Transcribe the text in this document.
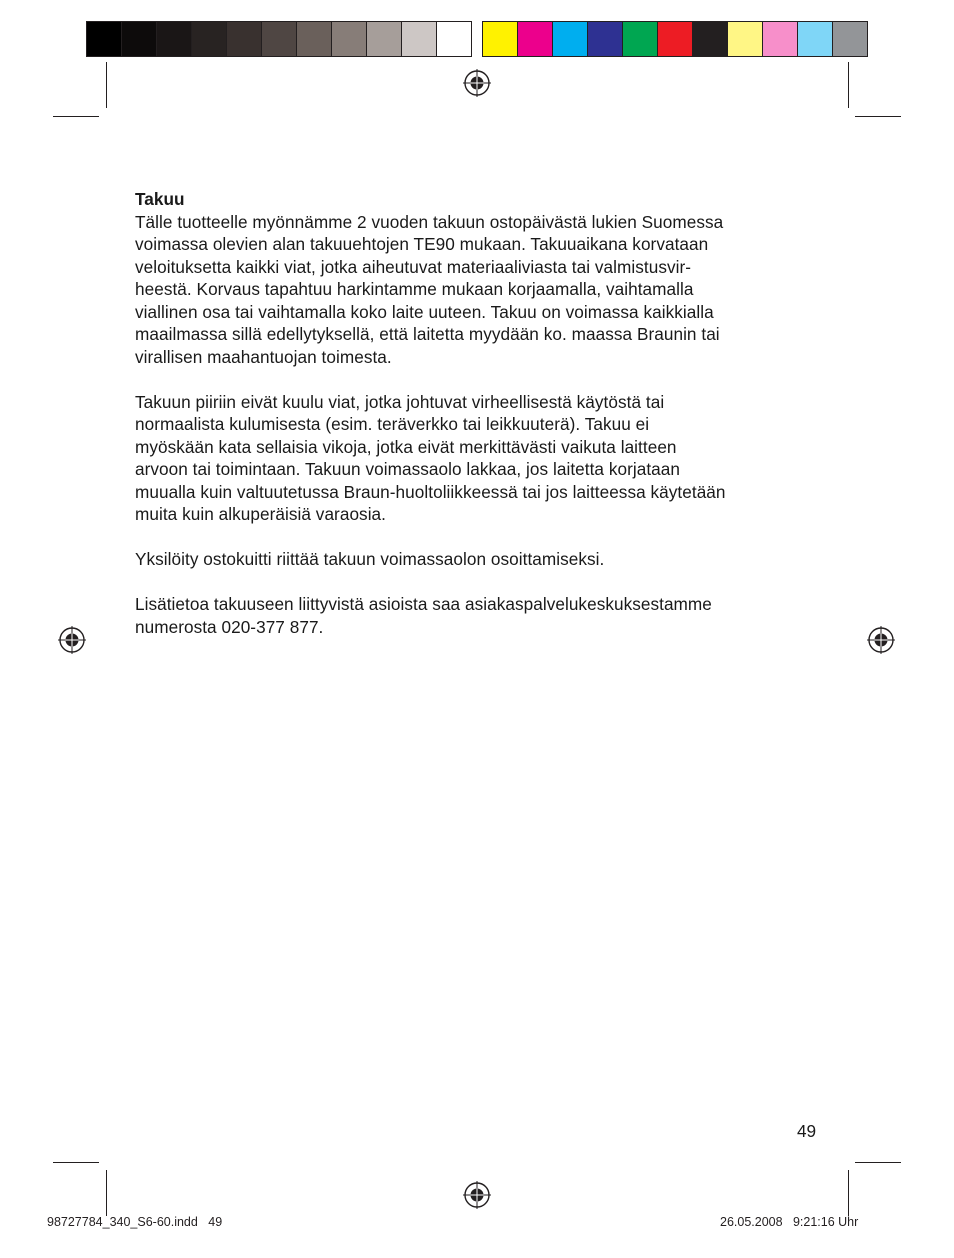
Takuu
Tälle tuotteelle myönnämme 2 vuoden takuun ostopäivästä lukien Suomessa
voimassa olevien alan takuuehtojen TE90 mukaan. Takuuaikana korvataan
veloituksetta kaikki viat, jotka aiheutuvat materiaaliviasta tai valmistusvir-
heestä. Korvaus tapahtuu harkintamme mukaan korjaamalla, vaihtamalla
viallinen osa tai vaihtamalla koko laite uuteen. Takuu on voimassa kaikkialla
maailmassa sillä edellytyksellä, että laitetta myydään ko. maassa Braunin tai
virallisen maahantuojan toimesta.
Takuun piiriin eivät kuulu viat, jotka johtuvat virheellisestä käytöstä tai
normaalista kulumisesta (esim. teräverkko tai leikkuuterä). Takuu ei
myöskään kata sellaisia vikoja, jotka eivät merkittävästi vaikuta laitteen
arvoon tai toimintaan. Takuun voimassaolo lakkaa, jos laitetta korjataan
muualla kuin valtuutetussa Braun-huoltoliikkeessä tai jos laitteessa käytetään
muita kuin alkuperäisiä varaosia.
Yksilöity ostokuitti riittää takuun voimassaolon osoittamiseksi.
Lisätietoa takuuseen liittyvistä asioista saa asiakaspalvelukeskuksestamme
numerosta 020-377 877.
49
98727784_340_S6-60.indd   49	26.05.2008   9:21:16 Uhr
